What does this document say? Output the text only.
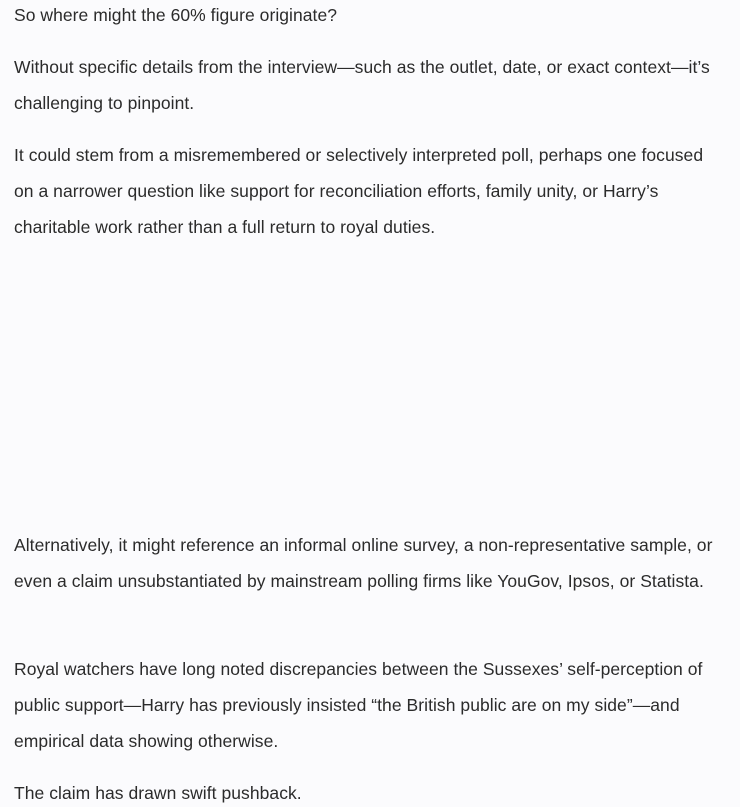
So where might the 60% figure originate?

Without specific details from the interview—such as the outlet, date, or exact context—it’s challenging to pinpoint.

It could stem from a misremembered or selectively interpreted poll, perhaps one focused on a narrower question like support for reconciliation efforts, family unity, or Harry’s charitable work rather than a full return to royal duties.

Alternatively, it might reference an informal online survey, a non-representative sample, or even a claim unsubstantiated by mainstream polling firms like YouGov, Ipsos, or Statista.

Royal watchers have long noted discrepancies between the Sussexes’ self-perception of public support—Harry has previously insisted “the British public are on my side”—and empirical data showing otherwise.

The claim has drawn swift pushback.
